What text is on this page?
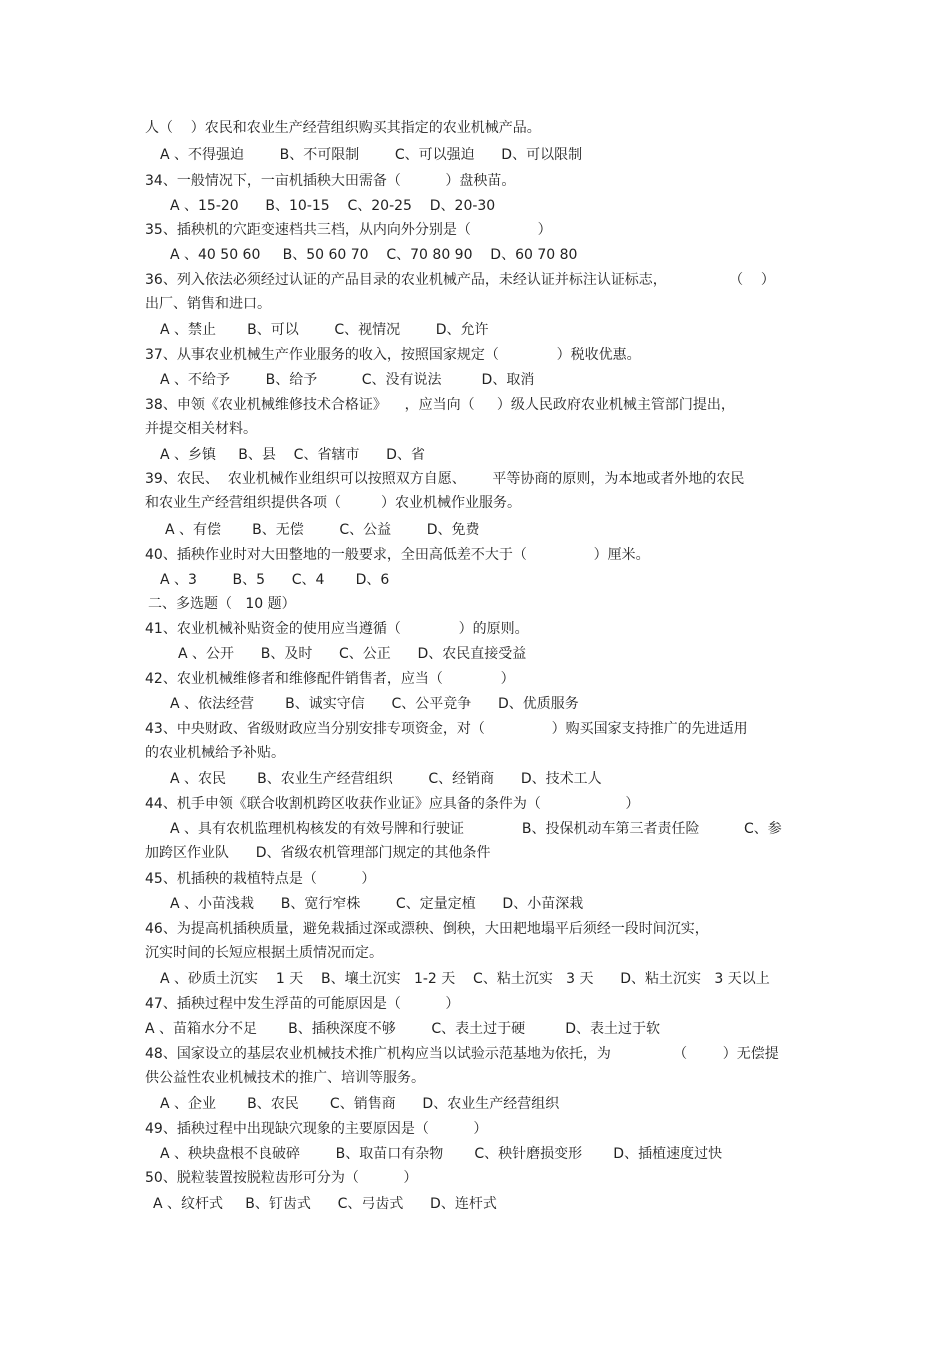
人（    ）农民和农业生产经营组织购买其指定的农业机械产品。
A 、不得强迫        B、不可限制        C、可以强迫      D、可以限制
34、一般情况下，一亩机插秧大田需备（          ）盘秧苗。
A 、15-20      B、10-15    C、20-25    D、20-30
35、插秧机的穴距变速档共三档，从内向外分别是（               ）
A 、40 50 60     B、50 60 70    C、70 80 90    D、60 70 80
36、列入依法必须经过认证的产品目录的农业机械产品，未经认证并标注认证标志，              （    ）
出厂、销售和进口。
A 、禁止       B、可以        C、视情况        D、允许
37、从事农业机械生产作业服务的收入，按照国家规定（             ）税收优惠。
A 、不给予        B、给予          C、没有说法         D、取消
38、申领《农业机械维修技术合格证》    ，应当向（     ）级人民政府农业机械主管部门提出，
并提交相关材料。
A 、乡镇     B、县    C、省辖市      D、省
39、农民、  农业机械作业组织可以按照双方自愿、      平等协商的原则，为本地或者外地的农民
和农业生产经营组织提供各项（         ）农业机械作业服务。
A 、有偿       B、无偿        C、公益        D、免费
40、插秧作业时对大田整地的一般要求，全田高低差不大于（               ）厘米。
A 、3        B、5      C、4       D、6
二、多选题（   10 题）
41、农业机械补贴资金的使用应当遵循（             ）的原则。
A 、公开      B、及时      C、公正      D、农民直接受益
42、农业机械维修者和维修配件销售者，应当（             ）
A 、依法经营       B、诚实守信      C、公平竞争      D、优质服务
43、中央财政、省级财政应当分别安排专项资金，对（               ）购买国家支持推广的先进适用
的农业机械给予补贴。
A 、农民       B、农业生产经营组织        C、经销商      D、技术工人
44、机手申领《联合收割机跨区收获作业证》应具备的条件为（                   ）
A 、具有农机监理机构核发的有效号牌和行驶证             B、投保机动车第三者责任险          C、参
加跨区作业队      D、省级农机管理部门规定的其他条件
45、机插秧的栽植特点是（          ）
A 、小苗浅栽      B、宽行窄株        C、定量定植      D、小苗深栽
46、为提高机插秧质量，避免栽插过深或漂秧、倒秧，大田耙地塌平后须经一段时间沉实，
沉实时间的长短应根据土质情况而定。
A 、砂质土沉实    1 天    B、壤土沉实   1-2 天    C、粘土沉实   3 天      D、粘土沉实   3 天以上
47、插秧过程中发生浮苗的可能原因是（          ）
A 、苗箱水分不足       B、插秧深度不够        C、表土过于硬         D、表土过于软
48、国家设立的基层农业机械技术推广机构应当以试验示范基地为依托，为              （        ）无偿提
供公益性农业机械技术的推广、培训等服务。
A 、企业       B、农民       C、销售商      D、农业生产经营组织
49、插秧过程中出现缺穴现象的主要原因是（          ）
A 、秧块盘根不良破碎        B、取苗口有杂物       C、秧针磨损变形       D、插植速度过快
50、脱粒装置按脱粒齿形可分为（          ）
A 、纹杆式     B、钉齿式      C、弓齿式      D、连杆式
